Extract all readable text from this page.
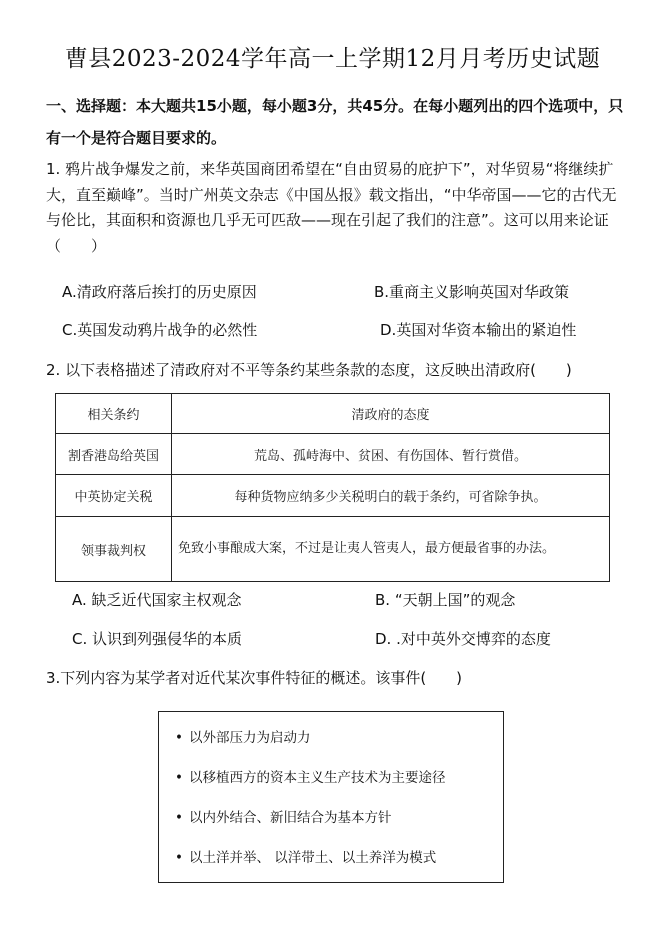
曹县2023-2024学年高一上学期12月月考历史试题
一、选择题：本大题共15小题，每小题3分，共45分。在每小题列出的四个选项中，只有一个是符合题目要求的。
1. 鸦片战争爆发之前，来华英国商团希望在“自由贸易的庇护下”，对华贸易“将继续扩大，直至巅峰”。当时广州英文杂志《中国丛报》载文指出，“中华帝国——它的古代无与伦比，其面积和资源也几乎无可匹敌——现在引起了我们的注意”。这可以用来论证（　　）
A.清政府落后挨打的历史原因	B.重商主义影响英国对华政策
C.英国发动鸦片战争的必然性	D.英国对华资本输出的紧迫性
2. 以下表格描述了清政府对不平等条约某些条款的态度，这反映出清政府(　　)
相关条约	清政府的态度
割香港岛给英国	荒岛、孤峙海中、贫困、有伤国体、暂行赏借。
中英协定关税	每种货物应纳多少关税明白的载于条约，可省除争执。
领事裁判权	免致小事酿成大案，不过是让夷人管夷人，最方便最省事的办法。
A. 缺乏近代国家主权观念	B. “天朝上国”的观念
C. 认识到列强侵华的本质	D. .对中英外交博弈的态度
3.下列内容为某学者对近代某次事件特征的概述。该事件(　　)
• 以外部压力为启动力
• 以移植西方的资本主义生产技术为主要途径
• 以内外结合、新旧结合为基本方针
• 以土洋并举、 以洋带土、以土养洋为模式
